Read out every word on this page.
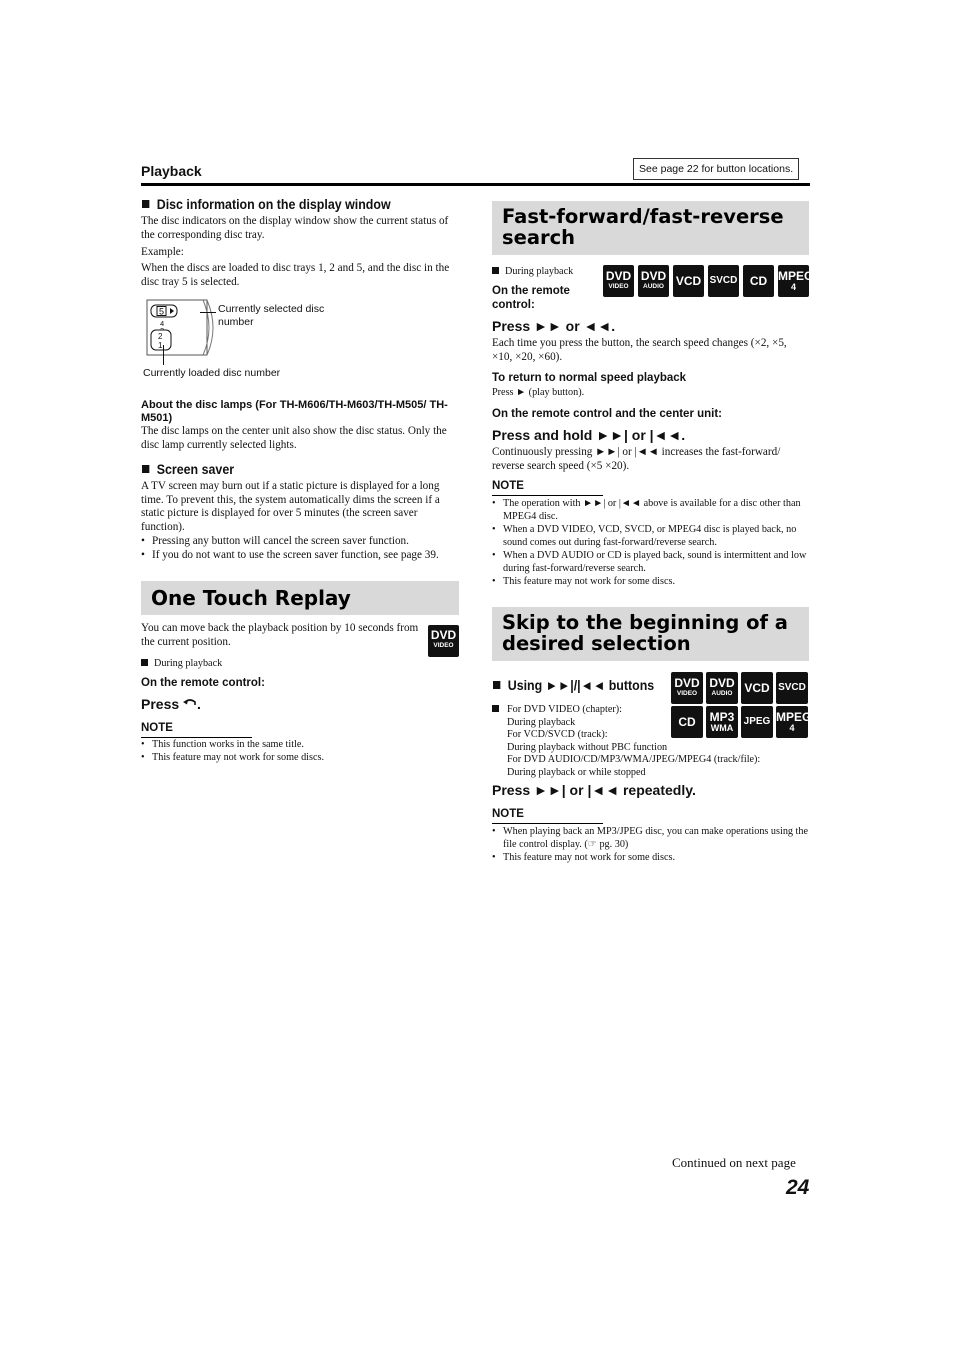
Playback	See page 22 for button locations.
Disc information on the display window
The disc indicators on the display window show the current status of the corresponding disc tray.
Example:
When the discs are loaded to disc trays 1, 2 and 5, and the disc in the disc tray 5 is selected.
5
4
2
1
Currently selected disc number
Currently loaded disc number
About the disc lamps (For TH-M606/TH-M603/TH-M505/ TH-M501)
The disc lamps on the center unit also show the disc status. Only the disc lamp currently selected lights.
Screen saver
A TV screen may burn out if a static picture is displayed for a long time. To prevent this, the system automatically dims the screen if a static picture is displayed for over 5 minutes (the screen saver function).
• Pressing any button will cancel the screen saver function.
• If you do not want to use the screen saver function, see page 39.
One Touch Replay
You can move back the playback position by 10 seconds from the current position.	DVD
VIDEO
During playback
On the remote control:
Press .
NOTE
• This function works in the same title.
• This feature may not work for some discs.
Fast-forward/fast-reverse
search
During playback
On the remote control:
DVD
VIDEO
DVD
AUDIO VCD SVCD	CD MPEG
4
Press ►► or ◄◄.
Each time you press the button, the search speed changes (×2, ×5, ×10, ×20, ×60).
To return to normal speed playback
Press ► (play button).
On the remote control and the center unit:
Press and hold ►►| or |◄◄.
Continuously pressing ►►| or |◄◄ increases the fast-forward/ reverse search speed (×5 ×20).
NOTE
• The operation with ►►| or |◄◄ above is available for a disc other than MPEG4 disc.
• When a DVD VIDEO, VCD, SVCD, or MPEG4 disc is played back, no sound comes out during fast-forward/reverse search.
• When a DVD AUDIO or CD is played back, sound is intermittent and low during fast-forward/reverse search.
• This feature may not work for some discs.
Skip to the beginning of a
desired selection
Using ►►|/|◄◄ buttons DVD
VIDEO
DVD
AUDIO VCD SVCD
CD	MP3
WMA
JPEG MPEG
4
For DVD VIDEO (chapter):
During playback
For VCD/SVCD (track):
During playback without PBC function
For DVD AUDIO/CD/MP3/WMA/JPEG/MPEG4 (track/file):
During playback or while stopped
Press ►►| or |◄◄ repeatedly.
NOTE
• When playing back an MP3/JPEG disc, you can make operations using the file control display. (☞ pg. 30)
• This feature may not work for some discs.
Continued on next page
24
